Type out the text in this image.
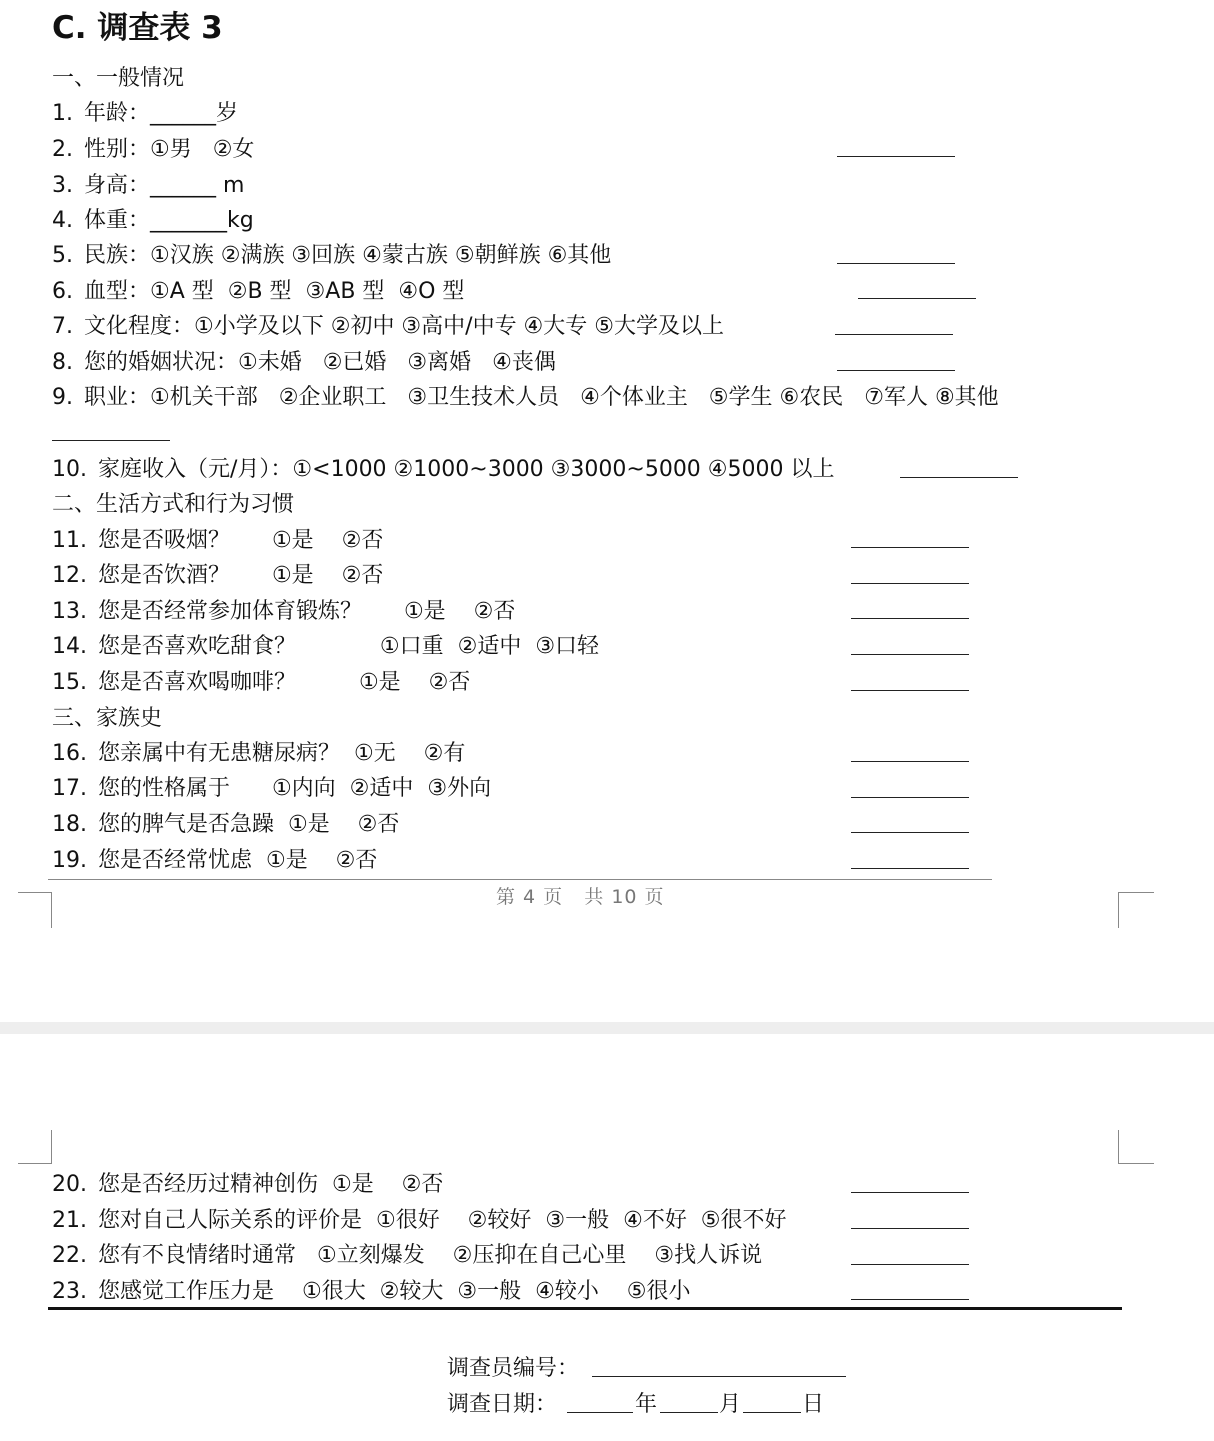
C. 调查表 3
一、一般情况
1. 年龄：______岁
2. 性别：①男   ②女
3. 身高：______ m
4. 体重：_______kg
5. 民族：①汉族 ②满族 ③回族 ④蒙古族 ⑤朝鲜族 ⑥其他
6. 血型：①A 型  ②B 型  ③AB 型  ④O 型
7. 文化程度：①小学及以下 ②初中 ③高中/中专 ④大专 ⑤大学及以上
8. 您的婚姻状况：①未婚   ②已婚   ③离婚   ④丧偶
9. 职业：①机关干部   ②企业职工   ③卫生技术人员   ④个体业主   ⑤学生 ⑥农民   ⑦军人 ⑧其他
10. 家庭收入（元/月）：①<1000 ②1000~3000 ③3000~5000 ④5000 以上
二、生活方式和行为习惯
11. 您是否吸烟？      ①是    ②否
12. 您是否饮酒？      ①是    ②否
13. 您是否经常参加体育锻炼？      ①是    ②否
14. 您是否喜欢吃甜食？            ①口重  ②适中  ③口轻
15. 您是否喜欢喝咖啡？         ①是    ②否
三、家族史
16. 您亲属中有无患糖尿病？  ①无    ②有
17. 您的性格属于      ①内向  ②适中  ③外向
18. 您的脾气是否急躁  ①是    ②否
19. 您是否经常忧虑  ①是    ②否
第 4 页   共 10 页
20. 您是否经历过精神创伤  ①是    ②否
21. 您对自己人际关系的评价是  ①很好    ②较好  ③一般  ④不好  ⑤很不好
22. 您有不良情绪时通常   ①立刻爆发    ②压抑在自己心里    ③找人诉说
23. 您感觉工作压力是    ①很大  ②较大  ③一般  ④较小    ⑤很小
调查员编号：
调查日期：	年	月	日
